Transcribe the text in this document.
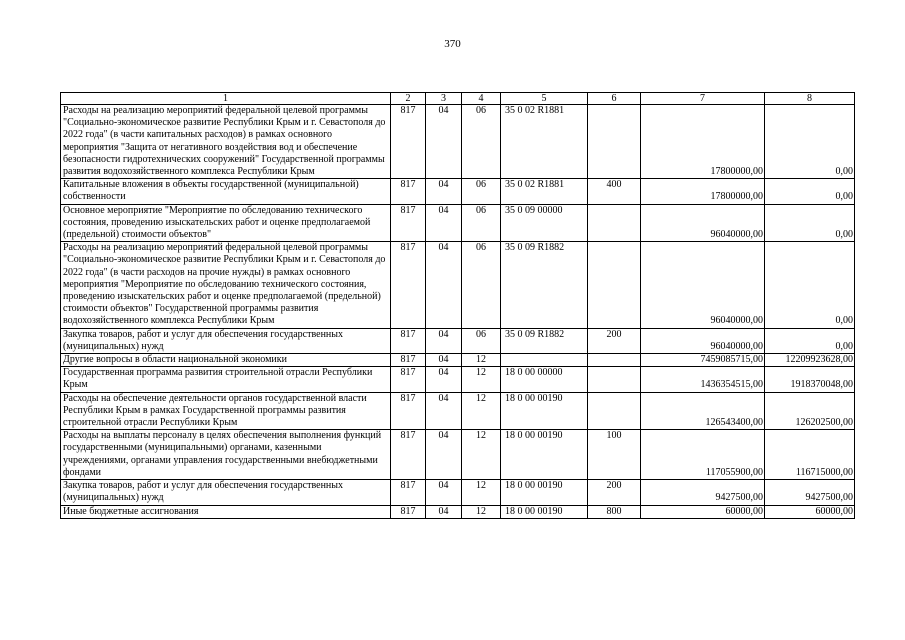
370
1	2	3	4	5	6	7	8
Расходы на реализацию мероприятий федеральной целевой программы "Социально-экономическое развитие Республики Крым и г. Севастополя до 2022 года" (в части капитальных расходов) в рамках основного мероприятия "Защита от негативного воздействия вод и обеспечение безопасности гидротехнических сооружений" Государственной программы развития водохозяйственного комплекса Республики Крым	817	04	06	35 0 02 R1881		17800000,00	0,00
Капитальные вложения в объекты государственной (муниципальной) собственности	817	04	06	35 0 02 R1881	400	17800000,00	0,00
Основное мероприятие "Мероприятие по обследованию технического состояния, проведению изыскательских работ и оценке предполагаемой (предельной) стоимости объектов"	817	04	06	35 0 09 00000		96040000,00	0,00
Расходы на реализацию мероприятий федеральной целевой программы "Социально-экономическое развитие Республики Крым и г. Севастополя до 2022 года" (в части расходов на прочие нужды) в рамках основного мероприятия "Мероприятие по обследованию технического состояния, проведению изыскательских работ и оценке предполагаемой (предельной) стоимости объектов" Государственной программы развития водохозяйственного комплекса Республики Крым	817	04	06	35 0 09 R1882		96040000,00	0,00
Закупка товаров, работ и услуг для обеспечения государственных (муниципальных) нужд	817	04	06	35 0 09 R1882	200	96040000,00	0,00
Другие вопросы в области национальной экономики	817	04	12			7459085715,00	12209923628,00
Государственная программа развития строительной отрасли Республики Крым	817	04	12	18 0 00 00000		1436354515,00	1918370048,00
Расходы на обеспечение деятельности органов государственной власти Республики Крым в рамках Государственной программы развития строительной отрасли Республики Крым	817	04	12	18 0 00 00190		126543400,00	126202500,00
Расходы на выплаты персоналу в целях обеспечения выполнения функций государственными (муниципальными) органами, казенными учреждениями, органами управления государственными внебюджетными фондами	817	04	12	18 0 00 00190	100	117055900,00	116715000,00
Закупка товаров, работ и услуг для обеспечения государственных (муниципальных) нужд	817	04	12	18 0 00 00190	200	9427500,00	9427500,00
Иные бюджетные ассигнования	817	04	12	18 0 00 00190	800	60000,00	60000,00
